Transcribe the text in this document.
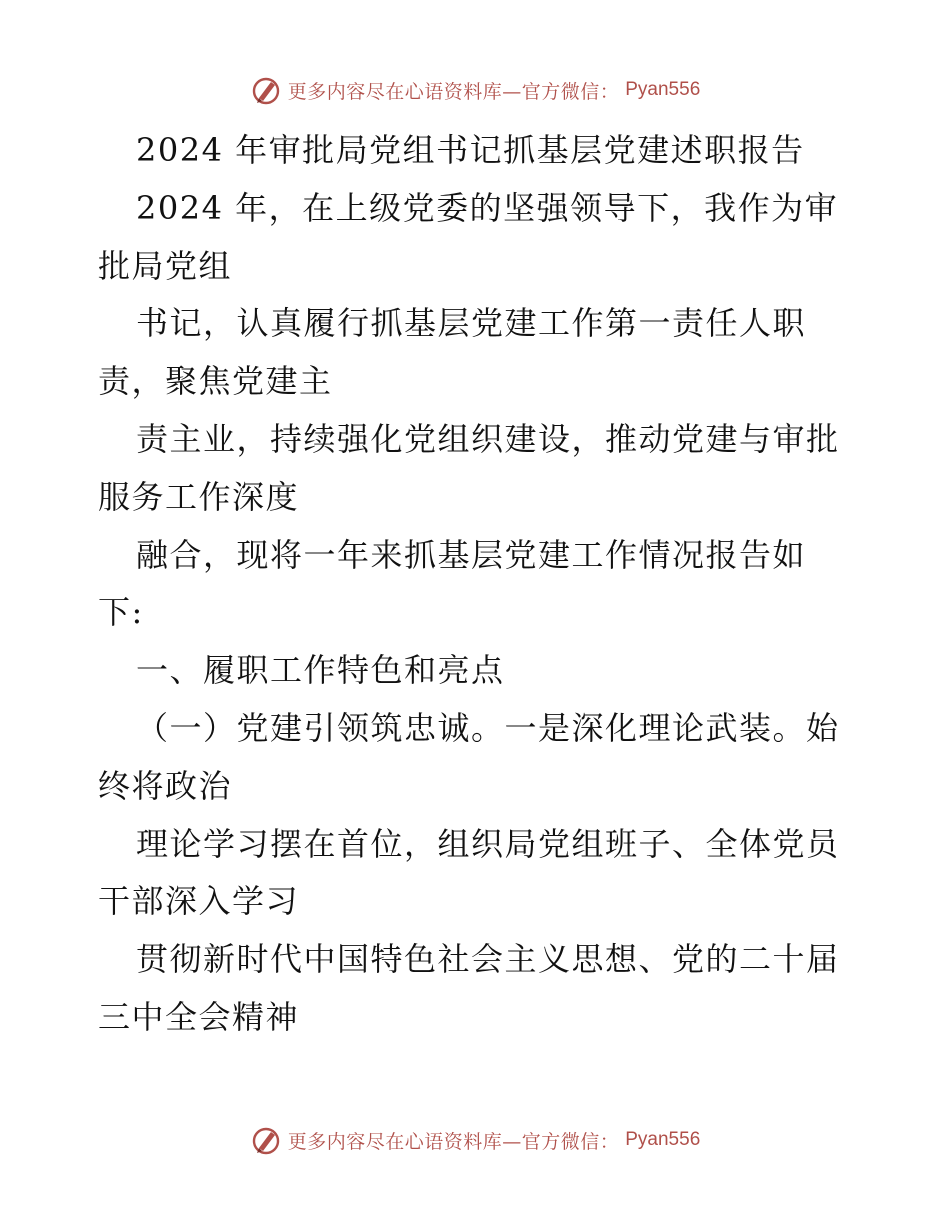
更多内容尽在心语资料库—官方微信： Pyan556
2024 年审批局党组书记抓基层党建述职报告
2024 年，在上级党委的坚强领导下，我作为审
批局党组
书记，认真履行抓基层党建工作第一责任人职
责，聚焦党建主
责主业，持续强化党组织建设，推动党建与审批
服务工作深度
融合，现将一年来抓基层党建工作情况报告如
下:
一、履职工作特色和亮点
（一）党建引领筑忠诚。一是深化理论武装。始
终将政治
理论学习摆在首位，组织局党组班子、全体党员
干部深入学习
贯彻新时代中国特色社会主义思想、党的二十届
三中全会精神
更多内容尽在心语资料库—官方微信： Pyan556
